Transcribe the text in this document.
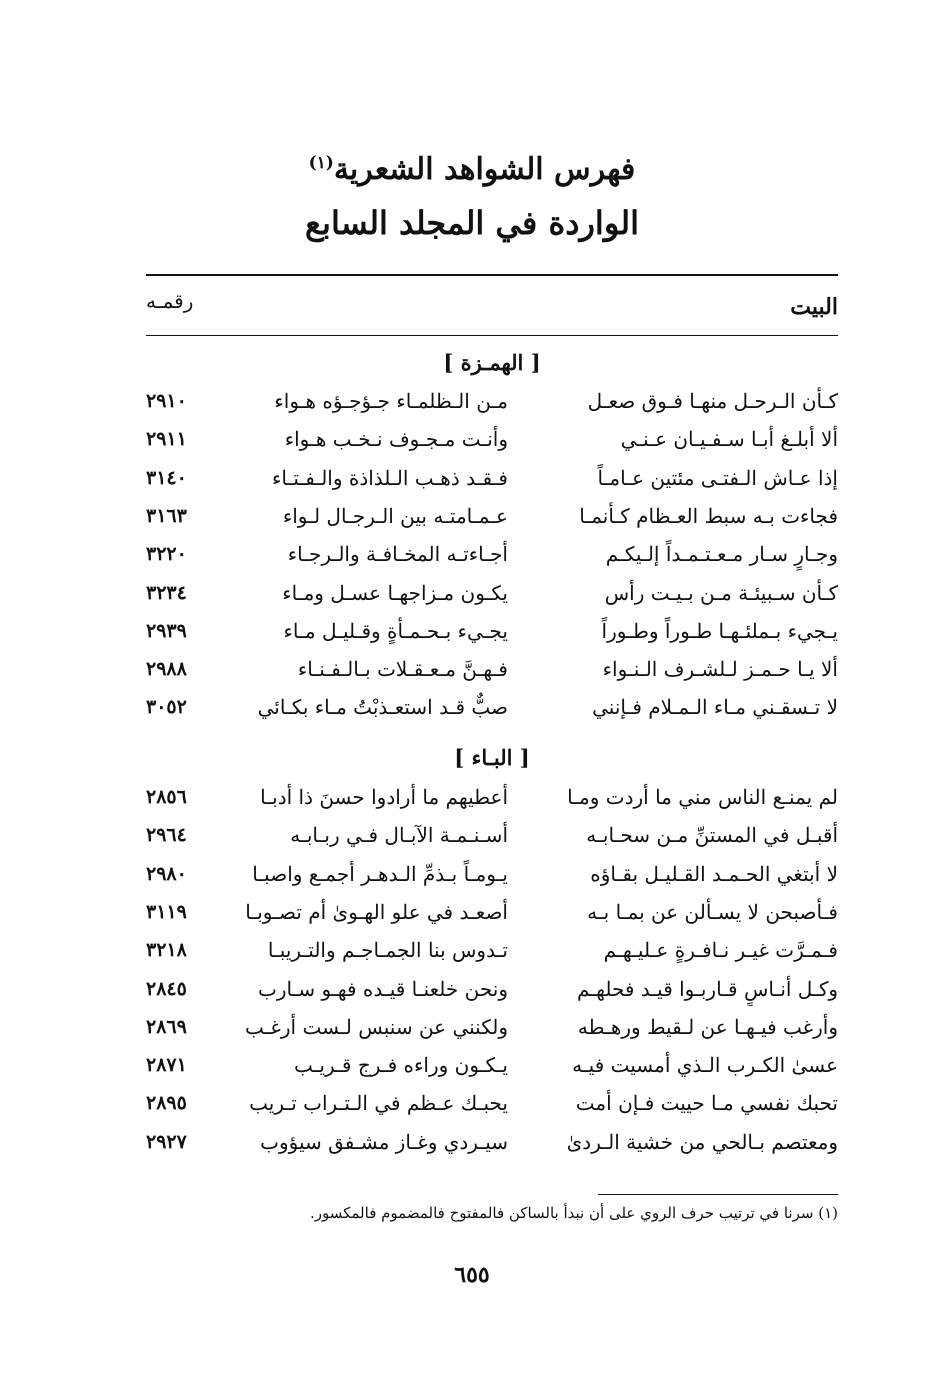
فهرس الشواهد الشعرية$^{(١)}$
الواردة في المجلد السابع
البيت
رقمـه
[ الهمـزة ]
كـأن الـرحـل منهـا فـوق صعـل
مـن الـظلمـاء جـؤجـؤه هـواء
٢٩١٠
ألا أبلـغ أبـا سـفـيـان عـنـي
وأنـت مـجـوف نـخـب هـواء
٢٩١١
إذا عـاش الـفتـى مئتين عـامـاً
فـقـد ذهـب الـلذاذة والـفـتـاء
٣١٤٠
فجاءت بـه سبط العـظام كـأنمـا
عـمـامتـه بين الـرجـال لـواء
٣١٦٣
وجـارٍ سـار مـعـتـمـداً إلـيكـم
أجـاءتـه المخـافـة والـرجـاء
٣٢٢٠
كـأن سـبيئـة مـن بـيـت رأس
يكـون مـزاجهـا عسـل ومـاء
٣٢٣٤
يـجيء بـملئـهـا طـوراً وطـوراً
يجـيء بـحـمـأةٍ وقـليـل مـاء
٢٩٣٩
ألا يـا حـمـز لـلشـرف الـنـواء
فـهـنَّ مـعـقـلات بـالـفـنـاء
٢٩٨٨
لا تـسقـني مـاء الـمـلام فـإنني
صبٌّ قـد استعـذبْتُ مـاء بكـائي
٣٠٥٢
[ البـاء ]
لم يمنـع الناس مني ما أردت ومـا
أعطيهم ما أرادوا حسنَ ذا أدبـا
٢٨٥٦
أقبـل في المستنِّ مـن سحـابـه
أسـنـمـة الآبـال فـي ربـابـه
٢٩٦٤
لا أبتغي الحـمـد القـليـل بقـاؤه
يـومـاً بـذمِّ الـدهـر أجمـع واصبـا
٢٩٨٠
فـأصبحن لا يسـألن عن بمـا بـه
أصعـد في علو الهـوىٰ أم تصـوبـا
٣١١٩
فـمـرَّت غيـر نـافـرةٍ عـليـهـم
تـدوس بنا الجمـاجـم والتـريبـا
٣٢١٨
وكـل أنـاسٍ قـاربـوا قيـد فحلهـم
ونحن خلعنـا قيـده فهـو سـارب
٢٨٤٥
وأرغب فيـهـا عن لـقيط ورهـطه
ولكنني عن سنبس لـست أرغـب
٢٨٦٩
عسىٰ الكـرب الـذي أمسيت فيـه
يـكـون وراءه فـرج قـريـب
٢٨٧١
تحبك نفسي مـا حييت فـإن أمت
يحبـك عـظم في الـتـراب تـريب
٢٨٩٥
ومعتصم بـالحي من خشية الـردىٰ
سيـردي وغـاز مشـفق سيؤوب
٢٩٢٧
(١) سرنا في ترتيب حرف الروي على أن نبدأ بالساكن فالمفتوح فالمضموم فالمكسور.
٦٥٥
